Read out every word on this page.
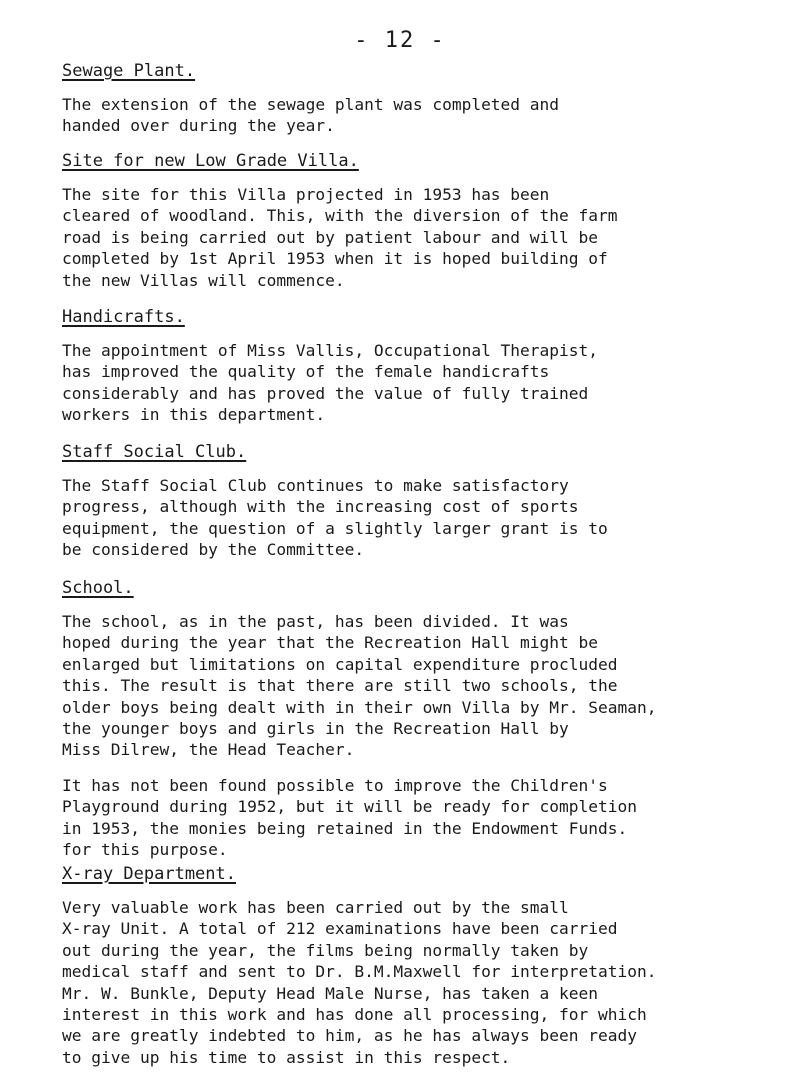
- 12 -

Sewage Plant.

The extension of the sewage plant was completed and
handed over during the year.

Site for new Low Grade Villa.

The site for this Villa projected in 1953 has been
cleared of woodland. This, with the diversion of the farm
road is being carried out by patient labour and will be
completed by 1st April 1953 when it is hoped building of
the new Villas will commence.

Handicrafts.

The appointment of Miss Vallis, Occupational Therapist,
has improved the quality of the female handicrafts
considerably and has proved the value of fully trained
workers in this department.

Staff Social Club.

The Staff Social Club continues to make satisfactory
progress, although with the increasing cost of sports
equipment, the question of a slightly larger grant is to
be considered by the Committee.

School.

The school, as in the past, has been divided. It was
hoped during the year that the Recreation Hall might be
enlarged but limitations on capital expenditure procluded
this. The result is that there are still two schools, the
older boys being dealt with in their own Villa by Mr. Seaman,
the younger boys and girls in the Recreation Hall by
Miss Dilrew, the Head Teacher.

It has not been found possible to improve the Children's
Playground during 1952, but it will be ready for completion
in 1953, the monies being retained in the Endowment Funds.
for this purpose.

X-ray Department.

Very valuable work has been carried out by the small
X-ray Unit. A total of 212 examinations have been carried
out during the year, the films being normally taken by
medical staff and sent to Dr. B.M.Maxwell for interpretation.
Mr. W. Bunkle, Deputy Head Male Nurse, has taken a keen
interest in this work and has done all processing, for which
we are greatly indebted to him, as he has always been ready
to give up his time to assist in this respect.
